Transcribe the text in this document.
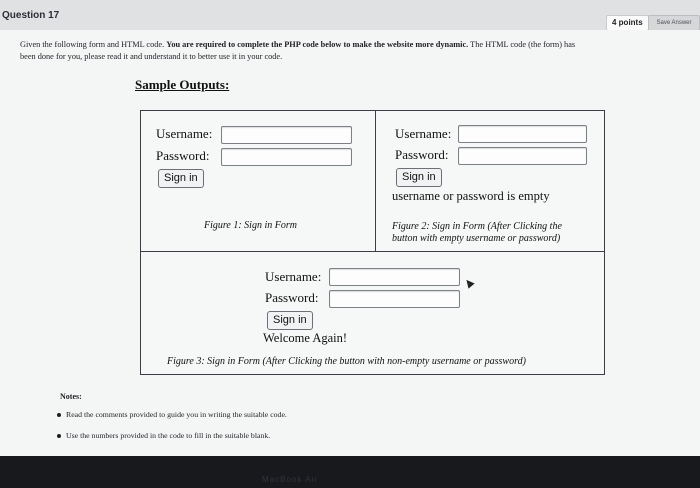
Question 17
4 points	Save Answer
Given the following form and HTML code. You are required to complete the PHP code below to make the website more dynamic. The HTML code (the form) has
been done for you, please read it and understand it to better use it in your code.
Sample Outputs:
Username:
Password:
Sign in
Figure 1: Sign in Form
Username:
Password:
Sign in
username or password is empty
Figure 2: Sign in Form (After Clicking the
button with empty username or password)
Username:
Password:
Sign in
Welcome Again!
Figure 3: Sign in Form (After Clicking the button with non-empty username or password)
Notes:
Read the comments provided to guide you in writing the suitable code.
Use the numbers provided in the code to fill in the suitable blank.
MacBook Air
